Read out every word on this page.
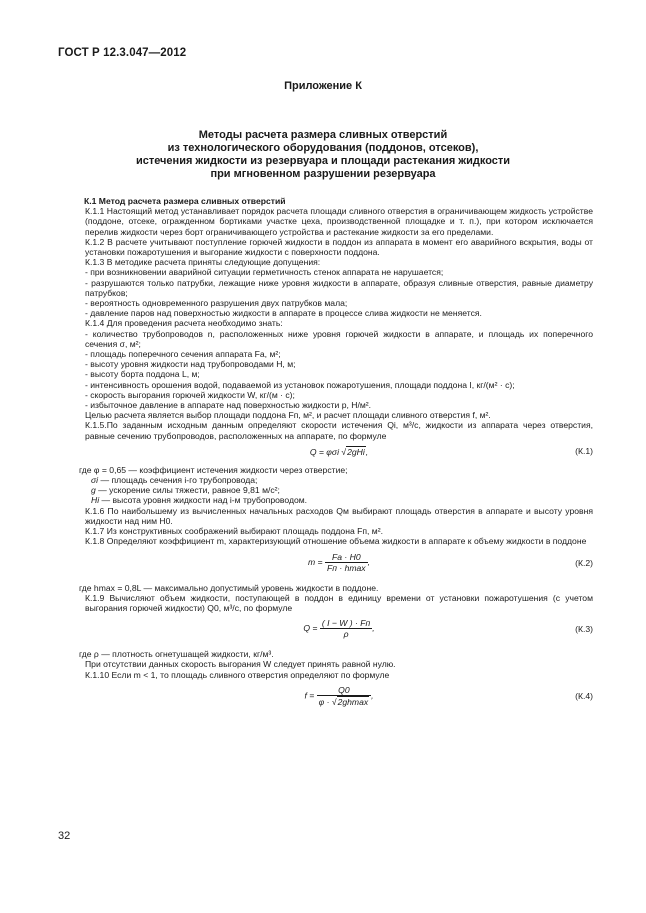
ГОСТ Р 12.3.047—2012
Приложение К
Методы расчета размера сливных отверстий
из технологического оборудования (поддонов, отсеков),
истечения жидкости из резервуара и площади растекания жидкости
при мгновенном разрушении резервуара

К.1 Метод расчета размера сливных отверстий

К.1.1 Настоящий метод устанавливает порядок расчета площади сливного отверстия в ограничивающем жидкость устройстве (поддоне, отсеке, огражденном бортиками участке цеха, производственной площадке и т. п.), при котором исключается перелив жидкости через борт ограничивающего устройства и растекание жидкости за его пределами.

К.1.2 В расчете учитывают поступление горючей жидкости в поддон из аппарата в момент его аварийного вскрытия, воды от установки пожаротушения и выгорание жидкости с поверхности поддона.

К.1.3 В методике расчета приняты следующие допущения:

- при возникновении аварийной ситуации герметичность стенок аппарата не нарушается;

- разрушаются только патрубки, лежащие ниже уровня жидкости в аппарате, образуя сливные отверстия, равные диаметру патрубков;

- вероятность одновременного разрушения двух патрубков мала;

- давление паров над поверхностью жидкости в аппарате в процессе слива жидкости не меняется.

К.1.4 Для проведения расчета необходимо знать:

- количество трубопроводов n, расположенных ниже уровня горючей жидкости в аппарате, и площадь их поперечного сечения σ, м²;

- площадь поперечного сечения аппарата Fа, м²;

- высоту уровня жидкости над трубопроводами H, м;

- высоту борта поддона L, м;

- интенсивность орошения водой, подаваемой из установок пожаротушения, площади поддона I, кг/(м² · с);

- скорость выгорания горючей жидкости W, кг/(м · с);

- избыточное давление в аппарате над поверхностью жидкости p, Н/м².

Целью расчета является выбор площади поддона Fп, м², и расчет площади сливного отверстия f, м².

К.1.5.По заданным исходным данным определяют скорости истечения Qi, м³/с, жидкости из аппарата через отверстия, равные сечению трубопроводов, расположенных на аппарате, по формуле

Q = φσi √2gHi,	(К.1)

где φ = 0,65 — коэффициент истечения жидкости через отверстие;

σi — площадь сечения i-го трубопровода;

g — ускорение силы тяжести, равное 9,81 м/с²;

Hi — высота уровня жидкости над i-м трубопроводом.

К.1.6 По наибольшему из вычисленных начальных расходов Qм выбирают площадь отверстия в аппарате и высоту уровня жидкости над ним H0.

К.1.7 Из конструктивных соображений выбирают площадь поддона Fп, м².

К.1.8 Определяют коэффициент m, характеризующий отношение объема жидкости в аппарате к объему жидкости в поддоне

$m = \frac{Fа \cdot H0}{Fп \cdot hmax}$ ,	(К.2)

где hmax = 0,8L — максимально допустимый уровень жидкости в поддоне.

К.1.9 Вычисляют объем жидкости, поступающей в поддон в единицу времени от установки пожаротушения (с учетом выгорания горючей жидкости) Q0, м³/с, по формуле

$Q = \frac{( I - W ) \cdot Fп}{\rho}$ ,	(К.3)

где ρ — плотность огнетушащей жидкости, кг/м³.

При отсутствии данных скорость выгорания W следует принять равной нулю.

К.1.10 Если m < 1, то площадь сливного отверстия определяют по формуле

$f = \frac{Q0}{\varphi \cdot √2ghmax}$ ,	(К.4)
32
